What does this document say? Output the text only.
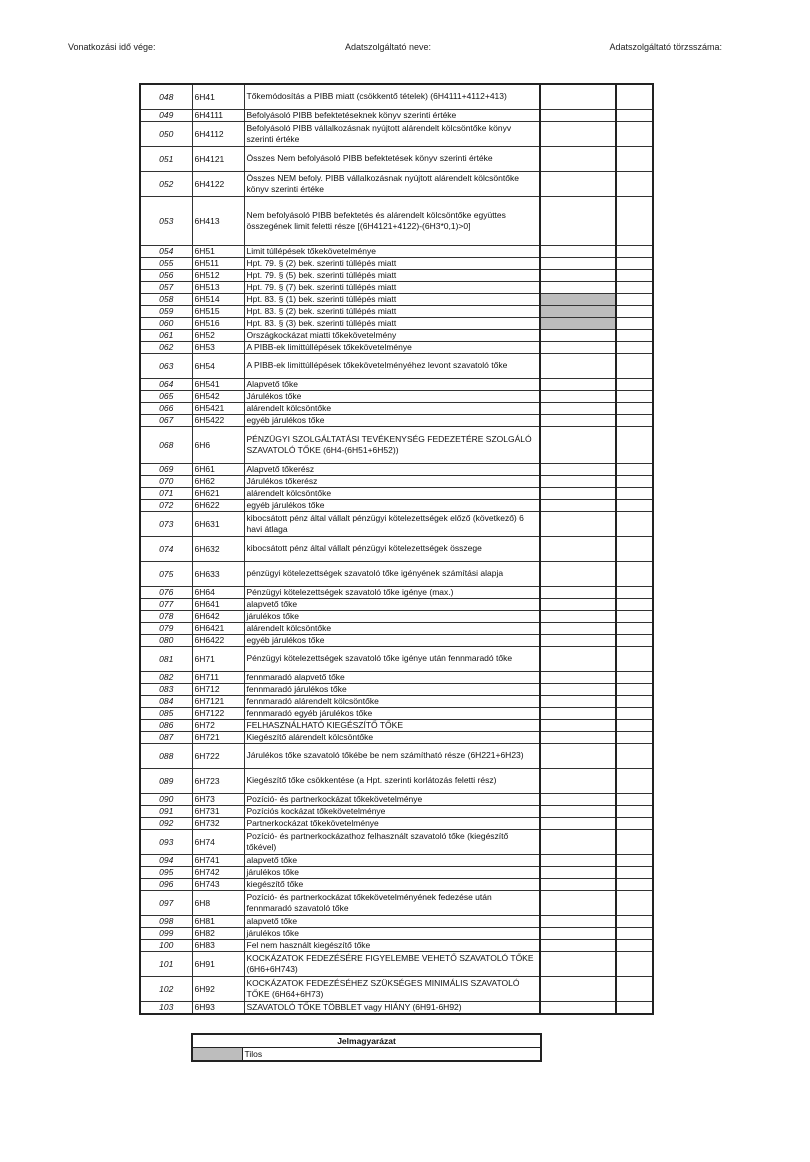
Vonatkozási idő vége:	Adatszolgáltató neve:	Adatszolgáltató törzsszáma:
048	6H41	Tőkemódosítás a PIBB miatt (csökkentő tételek) (6H4111+4112+413)		
049	6H4111	Befolyásoló PIBB befektetéseknek könyv szerinti értéke		
050	6H4112	Befolyásoló PIBB vállalkozásnak nyújtott alárendelt kölcsöntőke könyv szerinti értéke		
051	6H4121	Összes Nem befolyásoló PIBB befektetések könyv szerinti értéke		
052	6H4122	Összes NEM befoly. PIBB vállalkozásnak nyújtott alárendelt kölcsöntőke könyv szerinti értéke		
053	6H413	Nem befolyásoló PIBB befektetés és alárendelt kölcsöntőke együttes összegének limit feletti része [(6H4121+4122)-(6H3*0,1)>0]		
054	6H51	Limit túllépések tőkekövetelménye		
055	6H511	Hpt. 79. § (2) bek. szerinti túllépés miatt		
056	6H512	Hpt. 79. § (5) bek. szerinti túllépés miatt		
057	6H513	Hpt. 79. § (7) bek. szerinti túllépés miatt		
058	6H514	Hpt. 83. § (1) bek. szerinti túllépés miatt		
059	6H515	Hpt. 83. § (2) bek. szerinti túllépés miatt		
060	6H516	Hpt. 83. § (3) bek. szerinti túllépés miatt		
061	6H52	Országkockázat miatti tőkekövetelmény		
062	6H53	A PIBB-ek limittúllépések tőkekövetelménye		
063	6H54	A PIBB-ek limittúllépések tőkekövetelményéhez levont szavatoló tőke		
064	6H541	Alapvető tőke		
065	6H542	Járulékos tőke		
066	6H5421	alárendelt kölcsöntőke		
067	6H5422	egyéb járulékos tőke		
068	6H6	PÉNZÜGYI SZOLGÁLTATÁSI TEVÉKENYSÉG FEDEZETÉRE SZOLGÁLÓ SZAVATOLÓ TŐKE (6H4-(6H51+6H52))		
069	6H61	Alapvető tőkerész		
070	6H62	Járulékos tőkerész		
071	6H621	alárendelt kölcsöntőke		
072	6H622	egyéb járulékos tőke		
073	6H631	kibocsátott pénz által vállalt pénzügyi kötelezettségek előző (következő) 6 havi átlaga		
074	6H632	kibocsátott pénz által vállalt pénzügyi kötelezettségek összege		
075	6H633	pénzügyi kötelezettségek szavatoló tőke igényének számítási alapja		
076	6H64	Pénzügyi kötelezettségek szavatoló tőke igénye (max.)		
077	6H641	alapvető tőke		
078	6H642	járulékos tőke		
079	6H6421	alárendelt kölcsöntőke		
080	6H6422	egyéb járulékos tőke		
081	6H71	Pénzügyi kötelezettségek szavatoló tőke igénye után fennmaradó tőke		
082	6H711	fennmaradó alapvető tőke		
083	6H712	fennmaradó járulékos tőke		
084	6H7121	fennmaradó alárendelt kölcsöntőke		
085	6H7122	fennmaradó egyéb járulékos tőke		
086	6H72	FELHASZNÁLHATÓ KIEGÉSZÍTŐ TŐKE		
087	6H721	Kiegészítő alárendelt kölcsöntőke		
088	6H722	Járulékos tőke szavatoló tőkébe be nem számítható része (6H221+6H23)		
089	6H723	Kiegészítő tőke csökkentése (a Hpt. szerinti korlátozás feletti rész)		
090	6H73	Pozíció- és partnerkockázat tőkekövetelménye		
091	6H731	Pozíciós kockázat tőkekövetelménye		
092	6H732	Partnerkockázat tőkekövetelménye		
093	6H74	Pozíció- és partnerkockázathoz felhasznált szavatoló tőke (kiegészítő tőkével)		
094	6H741	alapvető tőke		
095	6H742	járulékos tőke		
096	6H743	kiegészítő tőke		
097	6H8	Pozíció- és partnerkockázat tőkekövetelményének fedezése után fennmaradó szavatoló tőke		
098	6H81	alapvető tőke		
099	6H82	járulékos tőke		
100	6H83	Fel nem használt kiegészítő tőke		
101	6H91	KOCKÁZATOK FEDEZÉSÉRE FIGYELEMBE VEHETŐ SZAVATOLÓ TŐKE (6H6+6H743)		
102	6H92	KOCKÁZATOK FEDEZÉSÉHEZ SZÜKSÉGES MINIMÁLIS SZAVATOLÓ TŐKE (6H64+6H73)		
103	6H93	SZAVATOLÓ TŐKE TÖBBLET vagy HIÁNY (6H91-6H92)		
Jelmagyarázat
	Tilos
